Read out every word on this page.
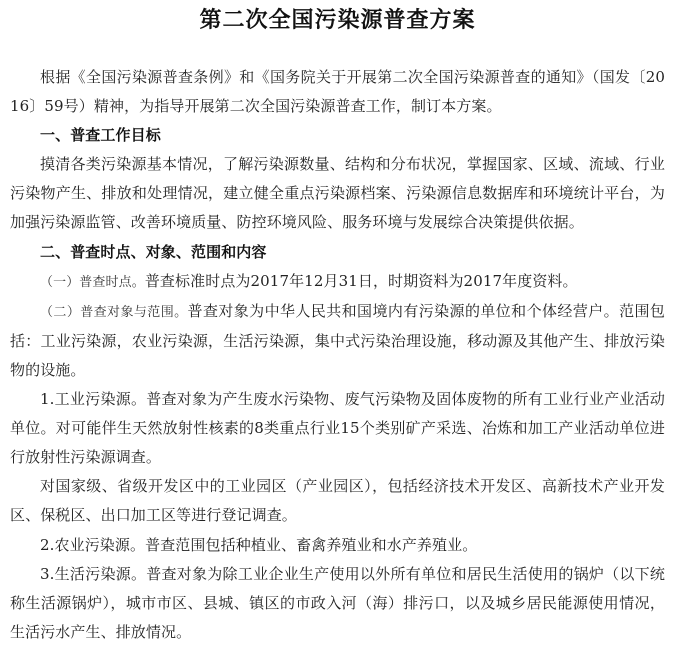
第二次全国污染源普查方案

根据《全国污染源普查条例》和《国务院关于开展第二次全国污染源普查的通知》（国发〔2016〕59号）精神，为指导开展第二次全国污染源普查工作，制订本方案。

一、普查工作目标

摸清各类污染源基本情况，了解污染源数量、结构和分布状况，掌握国家、区域、流域、行业污染物产生、排放和处理情况，建立健全重点污染源档案、污染源信息数据库和环境统计平台，为加强污染源监管、改善环境质量、防控环境风险、服务环境与发展综合决策提供依据。

二、普查时点、对象、范围和内容

（一）普查时点。普查标准时点为2017年12月31日，时期资料为2017年度资料。

（二）普查对象与范围。普查对象为中华人民共和国境内有污染源的单位和个体经营户。范围包括：工业污染源，农业污染源，生活污染源，集中式污染治理设施，移动源及其他产生、排放污染物的设施。

1.工业污染源。普查对象为产生废水污染物、废气污染物及固体废物的所有工业行业产业活动单位。对可能伴生天然放射性核素的8类重点行业15个类别矿产采选、冶炼和加工产业活动单位进行放射性污染源调查。

对国家级、省级开发区中的工业园区（产业园区），包括经济技术开发区、高新技术产业开发区、保税区、出口加工区等进行登记调查。

2.农业污染源。普查范围包括种植业、畜禽养殖业和水产养殖业。

3.生活污染源。普查对象为除工业企业生产使用以外所有单位和居民生活使用的锅炉（以下统称生活源锅炉），城市市区、县城、镇区的市政入河（海）排污口，以及城乡居民能源使用情况，生活污水产生、排放情况。
